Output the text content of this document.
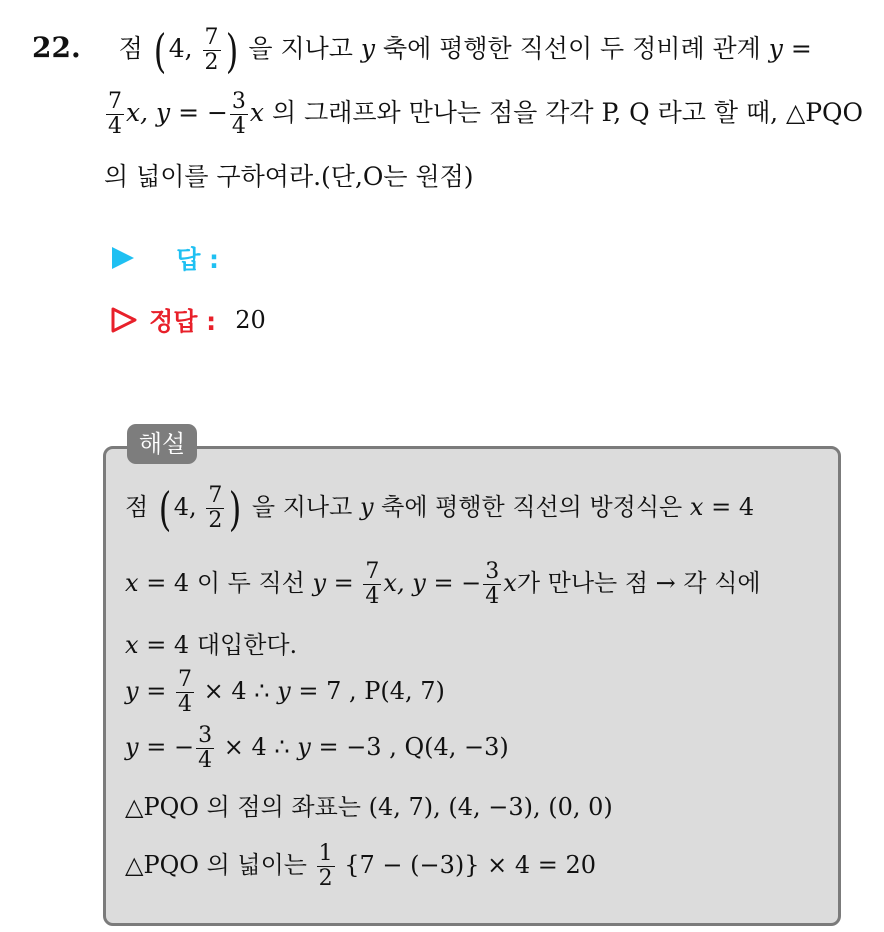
22. 점 ( 4, $\frac{7}{2}$ ) 을 지나고 y 축에 평행한 직선이 두 정비례 관계 y =
$\frac{7}{4} x$, y = − $\frac{3}{4}$ x 의 그래프와 만나는 점을 각각 P, Q 라고 할 때, △PQO
의 넓이를 구하여라.(단,O는 원점)
답 :
정답 : 20
해설
점 ( 4, $\frac{7}{2}$ ) 을 지나고 y 축에 평행한 직선의 방정식은 x = 4
x = 4 이 두 직선 $y = \frac{7}{4} x$, y = − $\frac{3}{4}$ x가 만나는 점 → 각 식에
x = 4 대입한다.
$y = \frac{7}{4} \times 4$ ∴ y = 7 , P(4, 7)
y = − $\frac{3}{4} \times 4$ ∴ y = −3 , Q(4, −3)
△PQO 의 점의 좌표는 (4, 7), (4, −3), (0, 0)
△PQO 의 넓이는 $\frac{1}{2} \{7 - (-3)\} \times 4 = 20$
